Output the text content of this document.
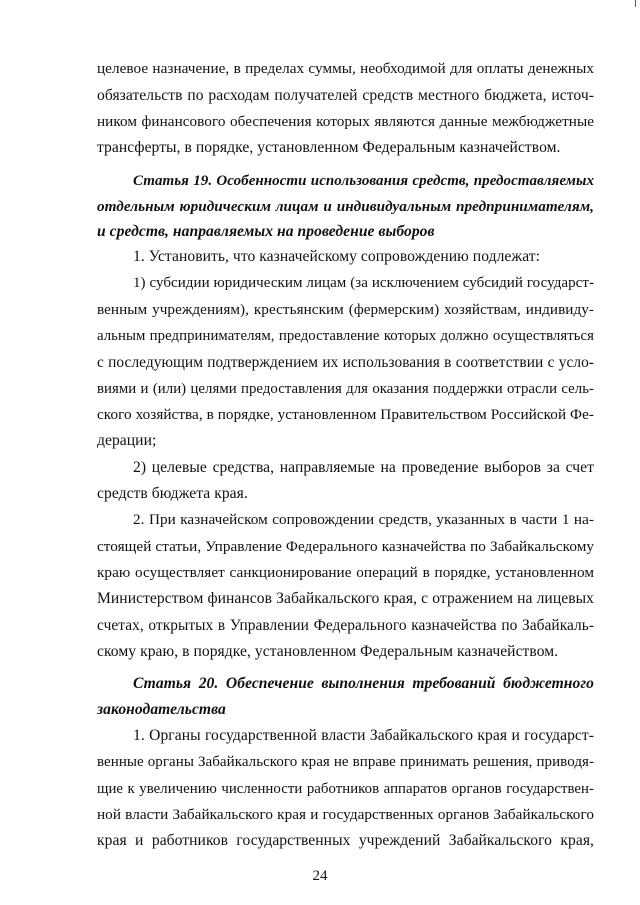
целевое назначение, в пределах суммы, необходимой для оплаты денежных
обязательств по расходам получателей средств местного бюджета, источ-
ником финансового обеспечения которых являются данные межбюджетные
трансферты, в порядке, установленном Федеральным казначейством.
Статья 19. Особенности использования средств, предоставляемых
отдельным юридическим лицам и индивидуальным предпринимателям,
и средств, направляемых на проведение выборов
1. Установить, что казначейскому сопровождению подлежат:
1) субсидии юридическим лицам (за исключением субсидий государст-
венным учреждениям), крестьянским (фермерским) хозяйствам, индивиду-
альным предпринимателям, предоставление которых должно осуществляться
с последующим подтверждением их использования в соответствии с усло-
виями и (или) целями предоставления для оказания поддержки отрасли сель-
ского хозяйства, в порядке, установленном Правительством Российской Фе-
дерации;
2) целевые средства, направляемые на проведение выборов за счет
средств бюджета края.
2. При казначейском сопровождении средств, указанных в части 1 на-
стоящей статьи, Управление Федерального казначейства по Забайкальскому
краю осуществляет санкционирование операций в порядке, установленном
Министерством финансов Забайкальского края, с отражением на лицевых
счетах, открытых в Управлении Федерального казначейства по Забайкаль-
скому краю, в порядке, установленном Федеральным казначейством.
Статья 20. Обеспечение выполнения требований бюджетного
законодательства
1. Органы государственной власти Забайкальского края и государст-
венные органы Забайкальского края не вправе принимать решения, приводя-
щие к увеличению численности работников аппаратов органов государствен-
ной власти Забайкальского края и государственных органов Забайкальского
края и работников государственных учреждений Забайкальского края,
24
